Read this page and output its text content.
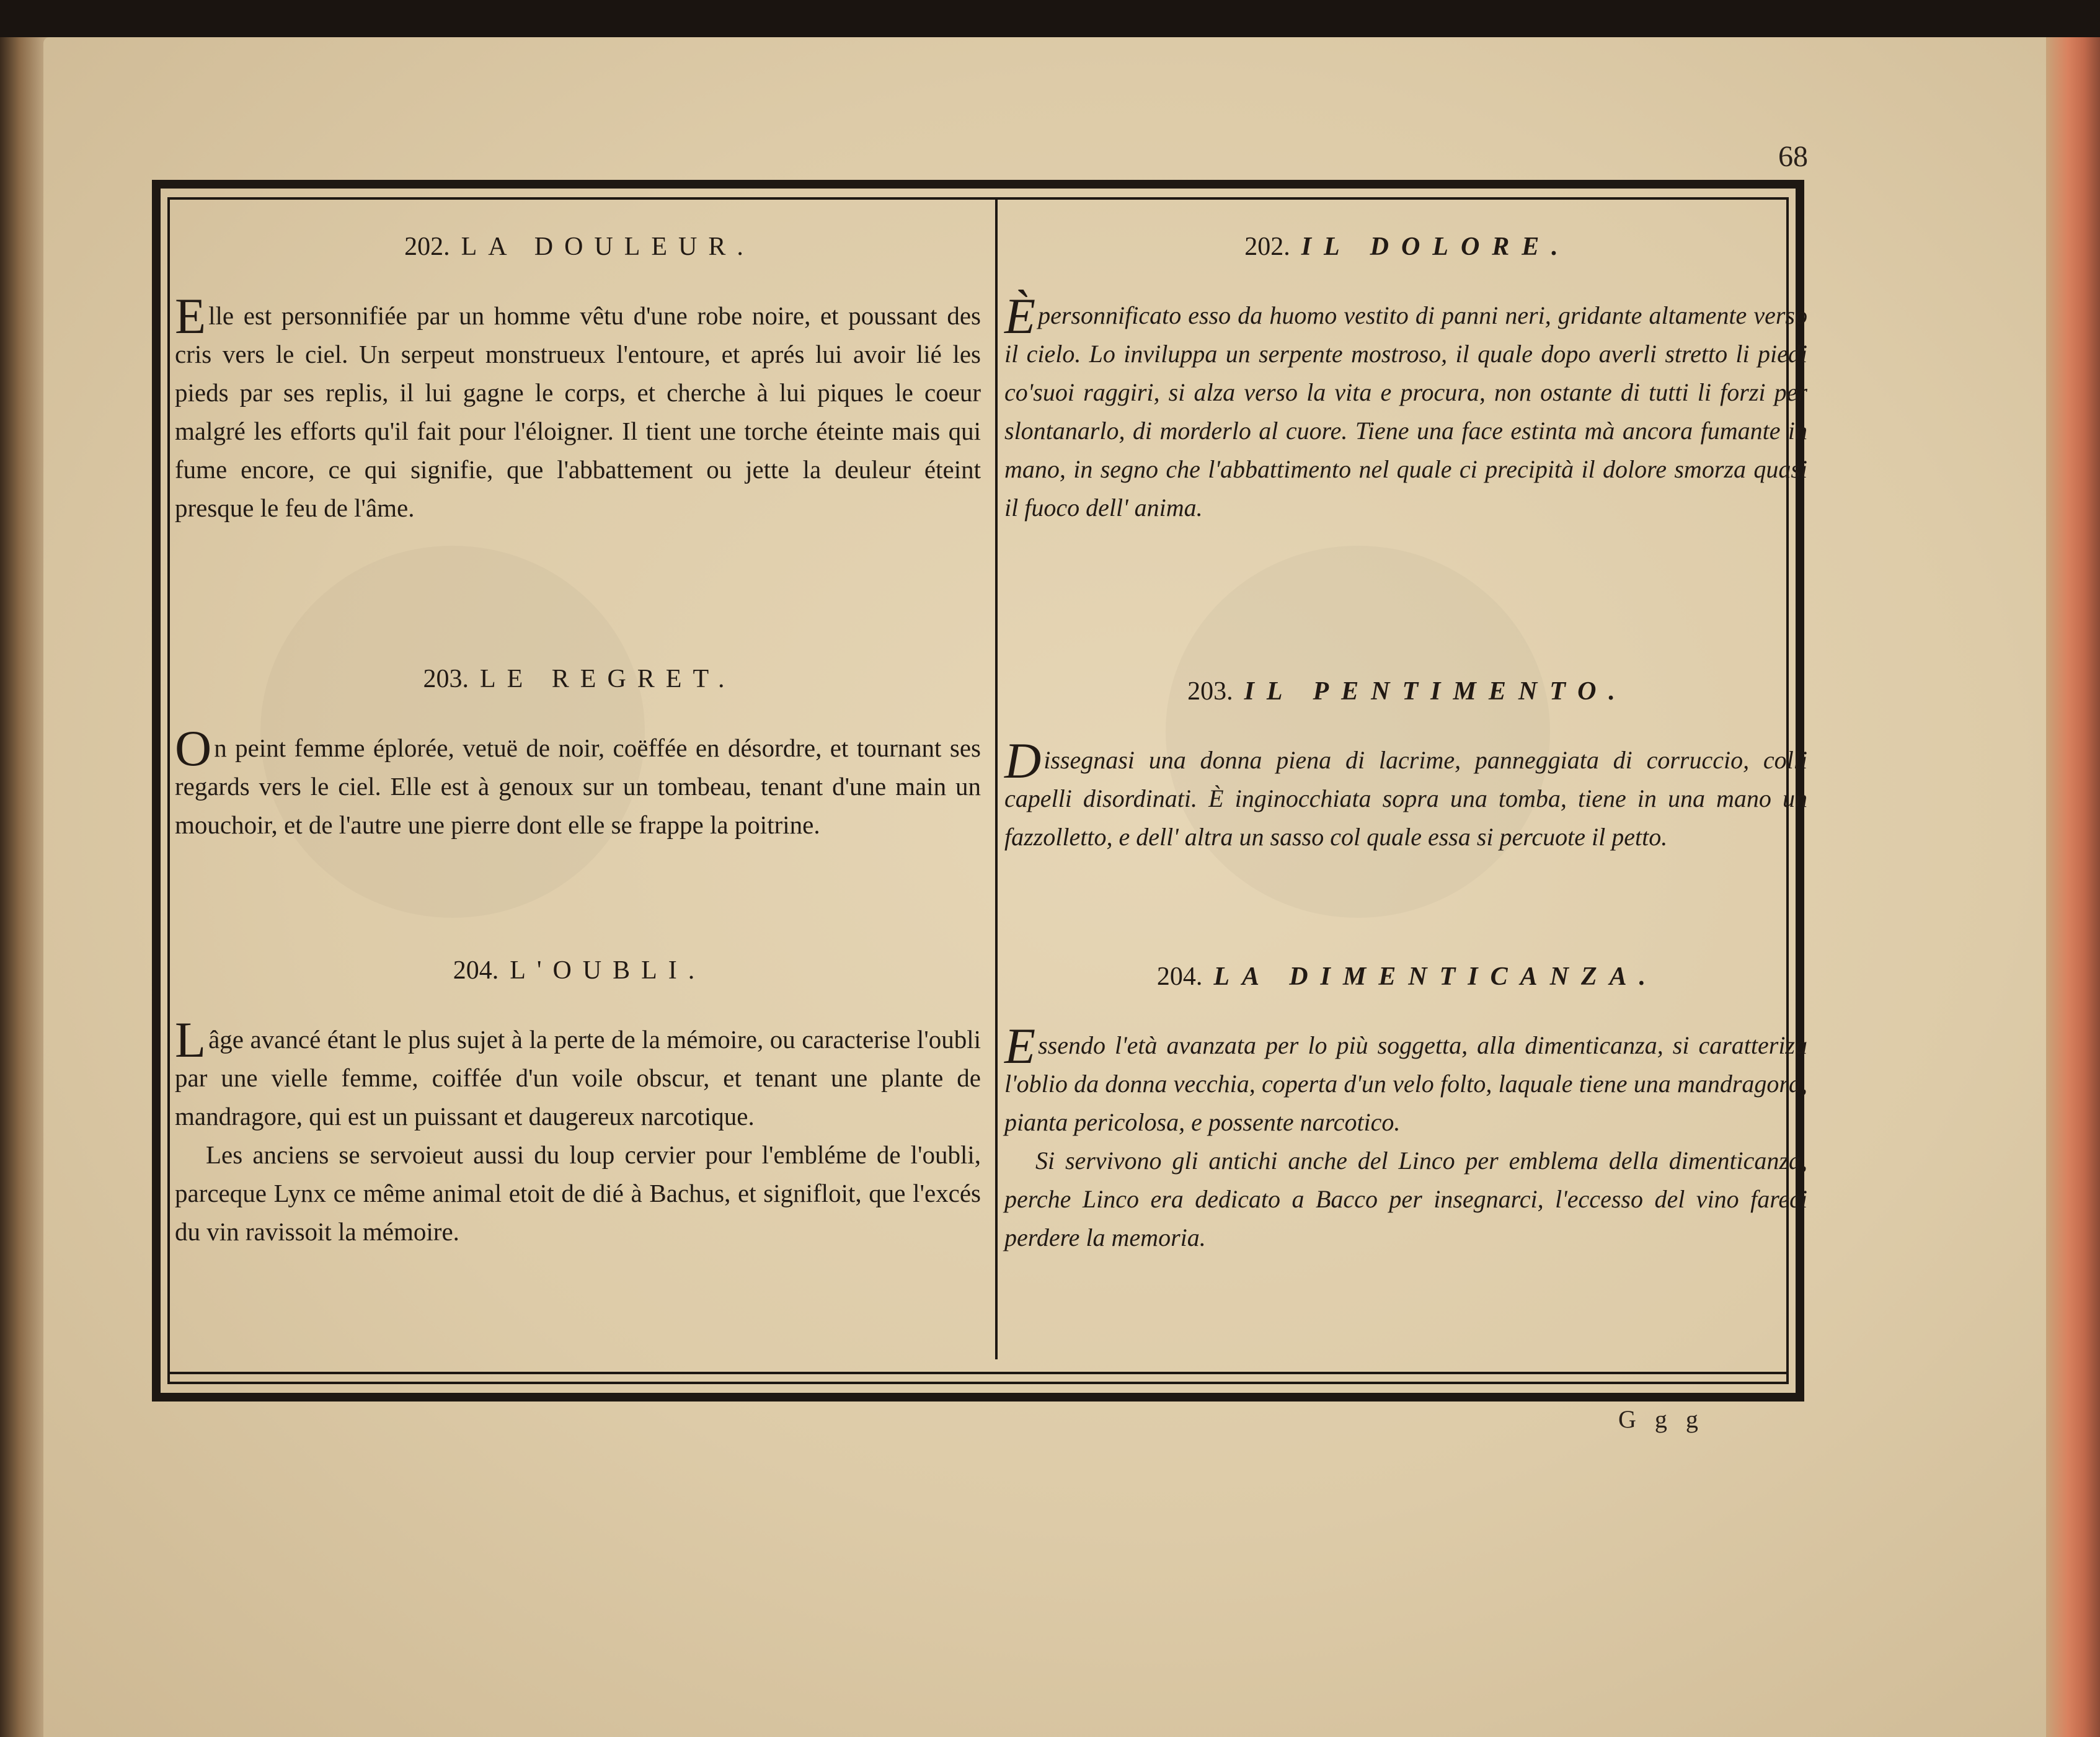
68
202. LA DOULEUR.

Elle est personnifiée par un homme vêtu d'une robe noire, et poussant des cris vers le ciel. Un serpeut monstrueux l'entoure, et aprés lui avoir lié les pieds par ses replis, il lui gagne le corps, et cherche à lui piques le coeur malgré les efforts qu'il fait pour l'éloigner. Il tient une torche éteinte mais qui fume encore, ce qui signifie, que l'abbattement ou jette la deuleur éteint presque le feu de l'âme.

203. LE REGRET.

On peint femme éplorée, vetuë de noir, coëffée en désordre, et tournant ses regards vers le ciel. Elle est à genoux sur un tombeau, tenant d'une main un mouchoir, et de l'autre une pierre dont elle se frappe la poitrine.

204. L'OUBLI.

Lâge avancé étant le plus sujet à la perte de la mémoire, ou caracterise l'oubli par une vielle femme, coiffée d'un voile obscur, et tenant une plante de mandragore, qui est un puissant et daugereux narcotique.

Les anciens se servoieut aussi du loup cervier pour l'embléme de l'oubli, parceque Lynx ce même animal etoit de dié à Bachus, et signifloit, que l'excés du vin ravissoit la mémoire.

202. IL DOLORE.

È personnificato esso da huomo vestito di panni neri, gridante altamente verso il cielo. Lo inviluppa un serpente mostroso, il quale dopo averli stretto li piedi co'suoi raggiri, si alza verso la vita e procura, non ostante di tutti li forzi per slontanarlo, di morderlo al cuore. Tiene una face estinta mà ancora fumante in mano, in segno che l'abbattimento nel quale ci precipità il dolore smorza quasi il fuoco dell' anima.

203. IL PENTIMENTO.

Dissegnasi una donna piena di lacrime, panneggiata di corruccio, colli capelli disordinati. È inginocchiata sopra una tomba, tiene in una mano un fazzolletto, e dell' altra un sasso col quale essa si percuote il petto.

204. LA DIMENTICANZA.

Essendo l'età avanzata per lo più soggetta, alla dimenticanza, si caratteriza l'oblio da donna vecchia, coperta d'un velo folto, laquale tiene una mandragora, pianta pericolosa, e possente narcotico.

Si servivono gli antichi anche del Linco per emblema della dimenticanza, perche Linco era dedicato a Bacco per insegnarci, l'eccesso del vino fareci perdere la memoria.

G g g
